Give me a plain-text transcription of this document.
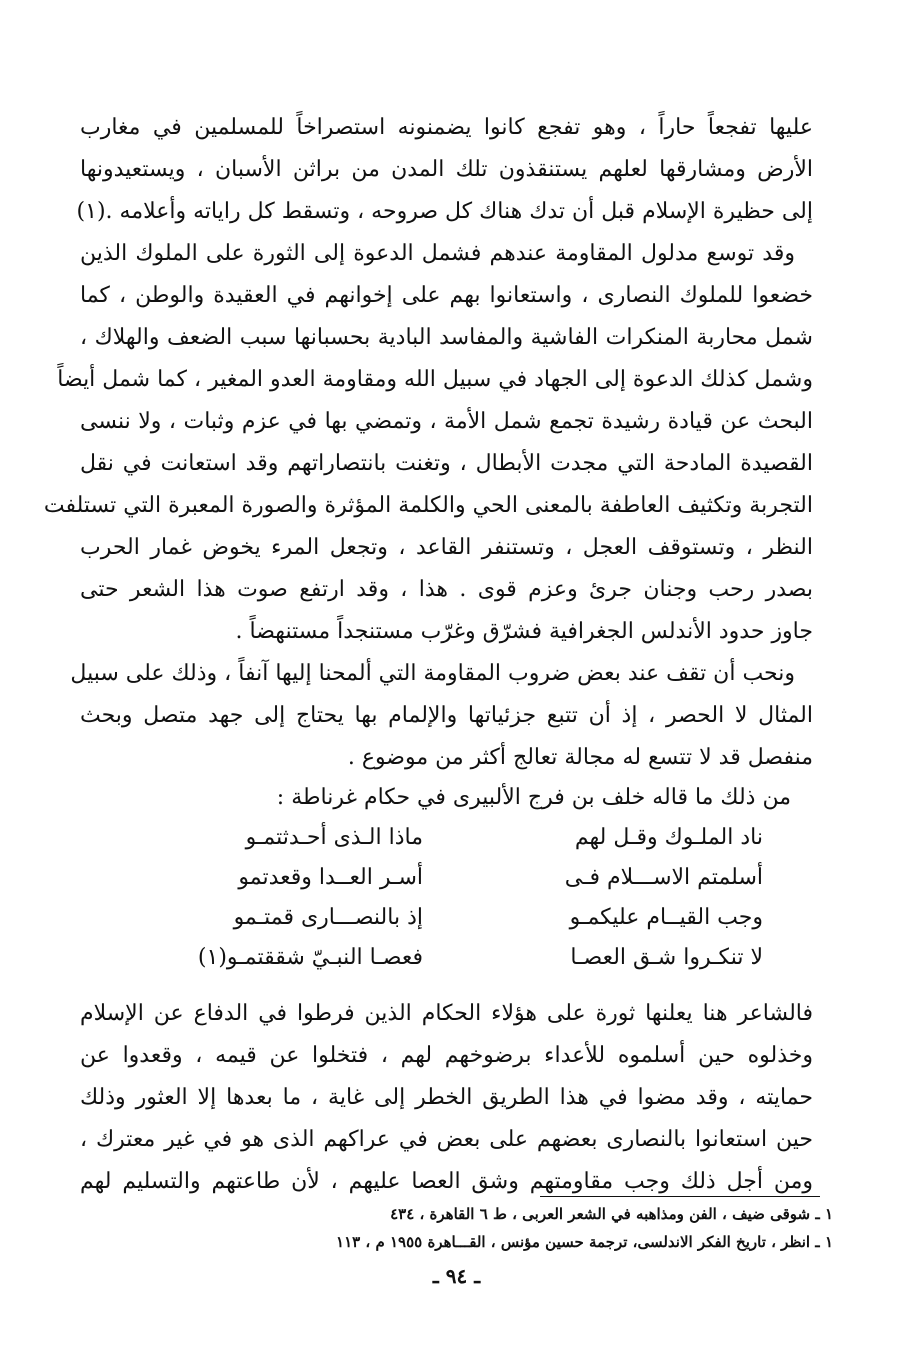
عليها تفجعاً حاراً ، وهو تفجع كانوا يضمنونه استصراخاً للمسلمين في مغارب
الأرض ومشارقها لعلهم يستنقذون تلك المدن من براثن الأسبان ، ويستعيدونها
إلى حظيرة الإسلام قبل أن تدك هناك كل صروحه ، وتسقط كل راياته وأعلامه .(١)
وقد توسع مدلول المقاومة عندهم فشمل الدعوة إلى الثورة على الملوك الذين
خضعوا للملوك النصارى ، واستعانوا بهم على إخوانهم في العقيدة والوطن ، كما
شمل محاربة المنكرات الفاشية والمفاسد البادية بحسبانها سبب الضعف والهلاك ،
وشمل كذلك الدعوة إلى الجهاد في سبيل الله ومقاومة العدو المغير ، كما شمل أيضاً
البحث عن قيادة رشيدة تجمع شمل الأمة ، وتمضي بها في عزم وثبات ، ولا ننسى
القصيدة المادحة التي مجدت الأبطال ، وتغنت بانتصاراتهم وقد استعانت في نقل
التجربة وتكثيف العاطفة بالمعنى الحي والكلمة المؤثرة والصورة المعبرة التي تستلفت
النظر ، وتستوقف العجل ، وتستنفر القاعد ، وتجعل المرء يخوض غمار الحرب
بصدر رحب وجنان جرئ وعزم قوى . هذا ، وقد ارتفع صوت هذا الشعر حتى
جاوز حدود الأندلس الجغرافية فشرّق وغرّب مستنجداً مستنهضاً .
ونحب أن تقف عند بعض ضروب المقاومة التي ألمحنا إليها آنفاً ، وذلك على سبيل
المثال لا الحصر ، إذ أن تتبع جزئياتها والإلمام بها يحتاج إلى جهد متصل وبحث
منفصل قد لا تتسع له مجالة تعالج أكثر من موضوع .
من ذلك ما قاله خلف بن فرج الألبيرى في حكام غرناطة :
ناد الملـوك وقـل لهم
ماذا الـذى أحـدثتمـو
أسلمتم الاســـلام فـى
أسـر العــدا وقعدتمو
وجب القيــام عليكمـو
إذ بالنصـــارى قمتـمو
لا تنكـروا شـق العصـا
فعصـا النبـيّ شققتمـو(١)
فالشاعر هنا يعلنها ثورة على هؤلاء الحكام الذين فرطوا في الدفاع عن الإسلام
وخذلوه حين أسلموه للأعداء برضوخهم لهم ، فتخلوا عن قيمه ، وقعدوا عن
حمايته ، وقد مضوا في هذا الطريق الخطر إلى غاية ، ما بعدها إلا العثور وذلك
حين استعانوا بالنصارى بعضهم على بعض في عراكهم الذى هو في غير معترك ،
ومن أجل ذلك وجب مقاومتهم وشق العصا عليهم ، لأن طاعتهم والتسليم لهم
١ ـ شوقى ضيف ، الفن ومذاهبه في الشعر العربى ، ط ٦ القاهرة ، ٤٣٤
١ ـ انظر ، تاريخ الفكر الاندلسى، ترجمة حسين مؤنس ، القـــاهرة ١٩٥٥ م ، ١١٣
ـ ٩٤ ـ
